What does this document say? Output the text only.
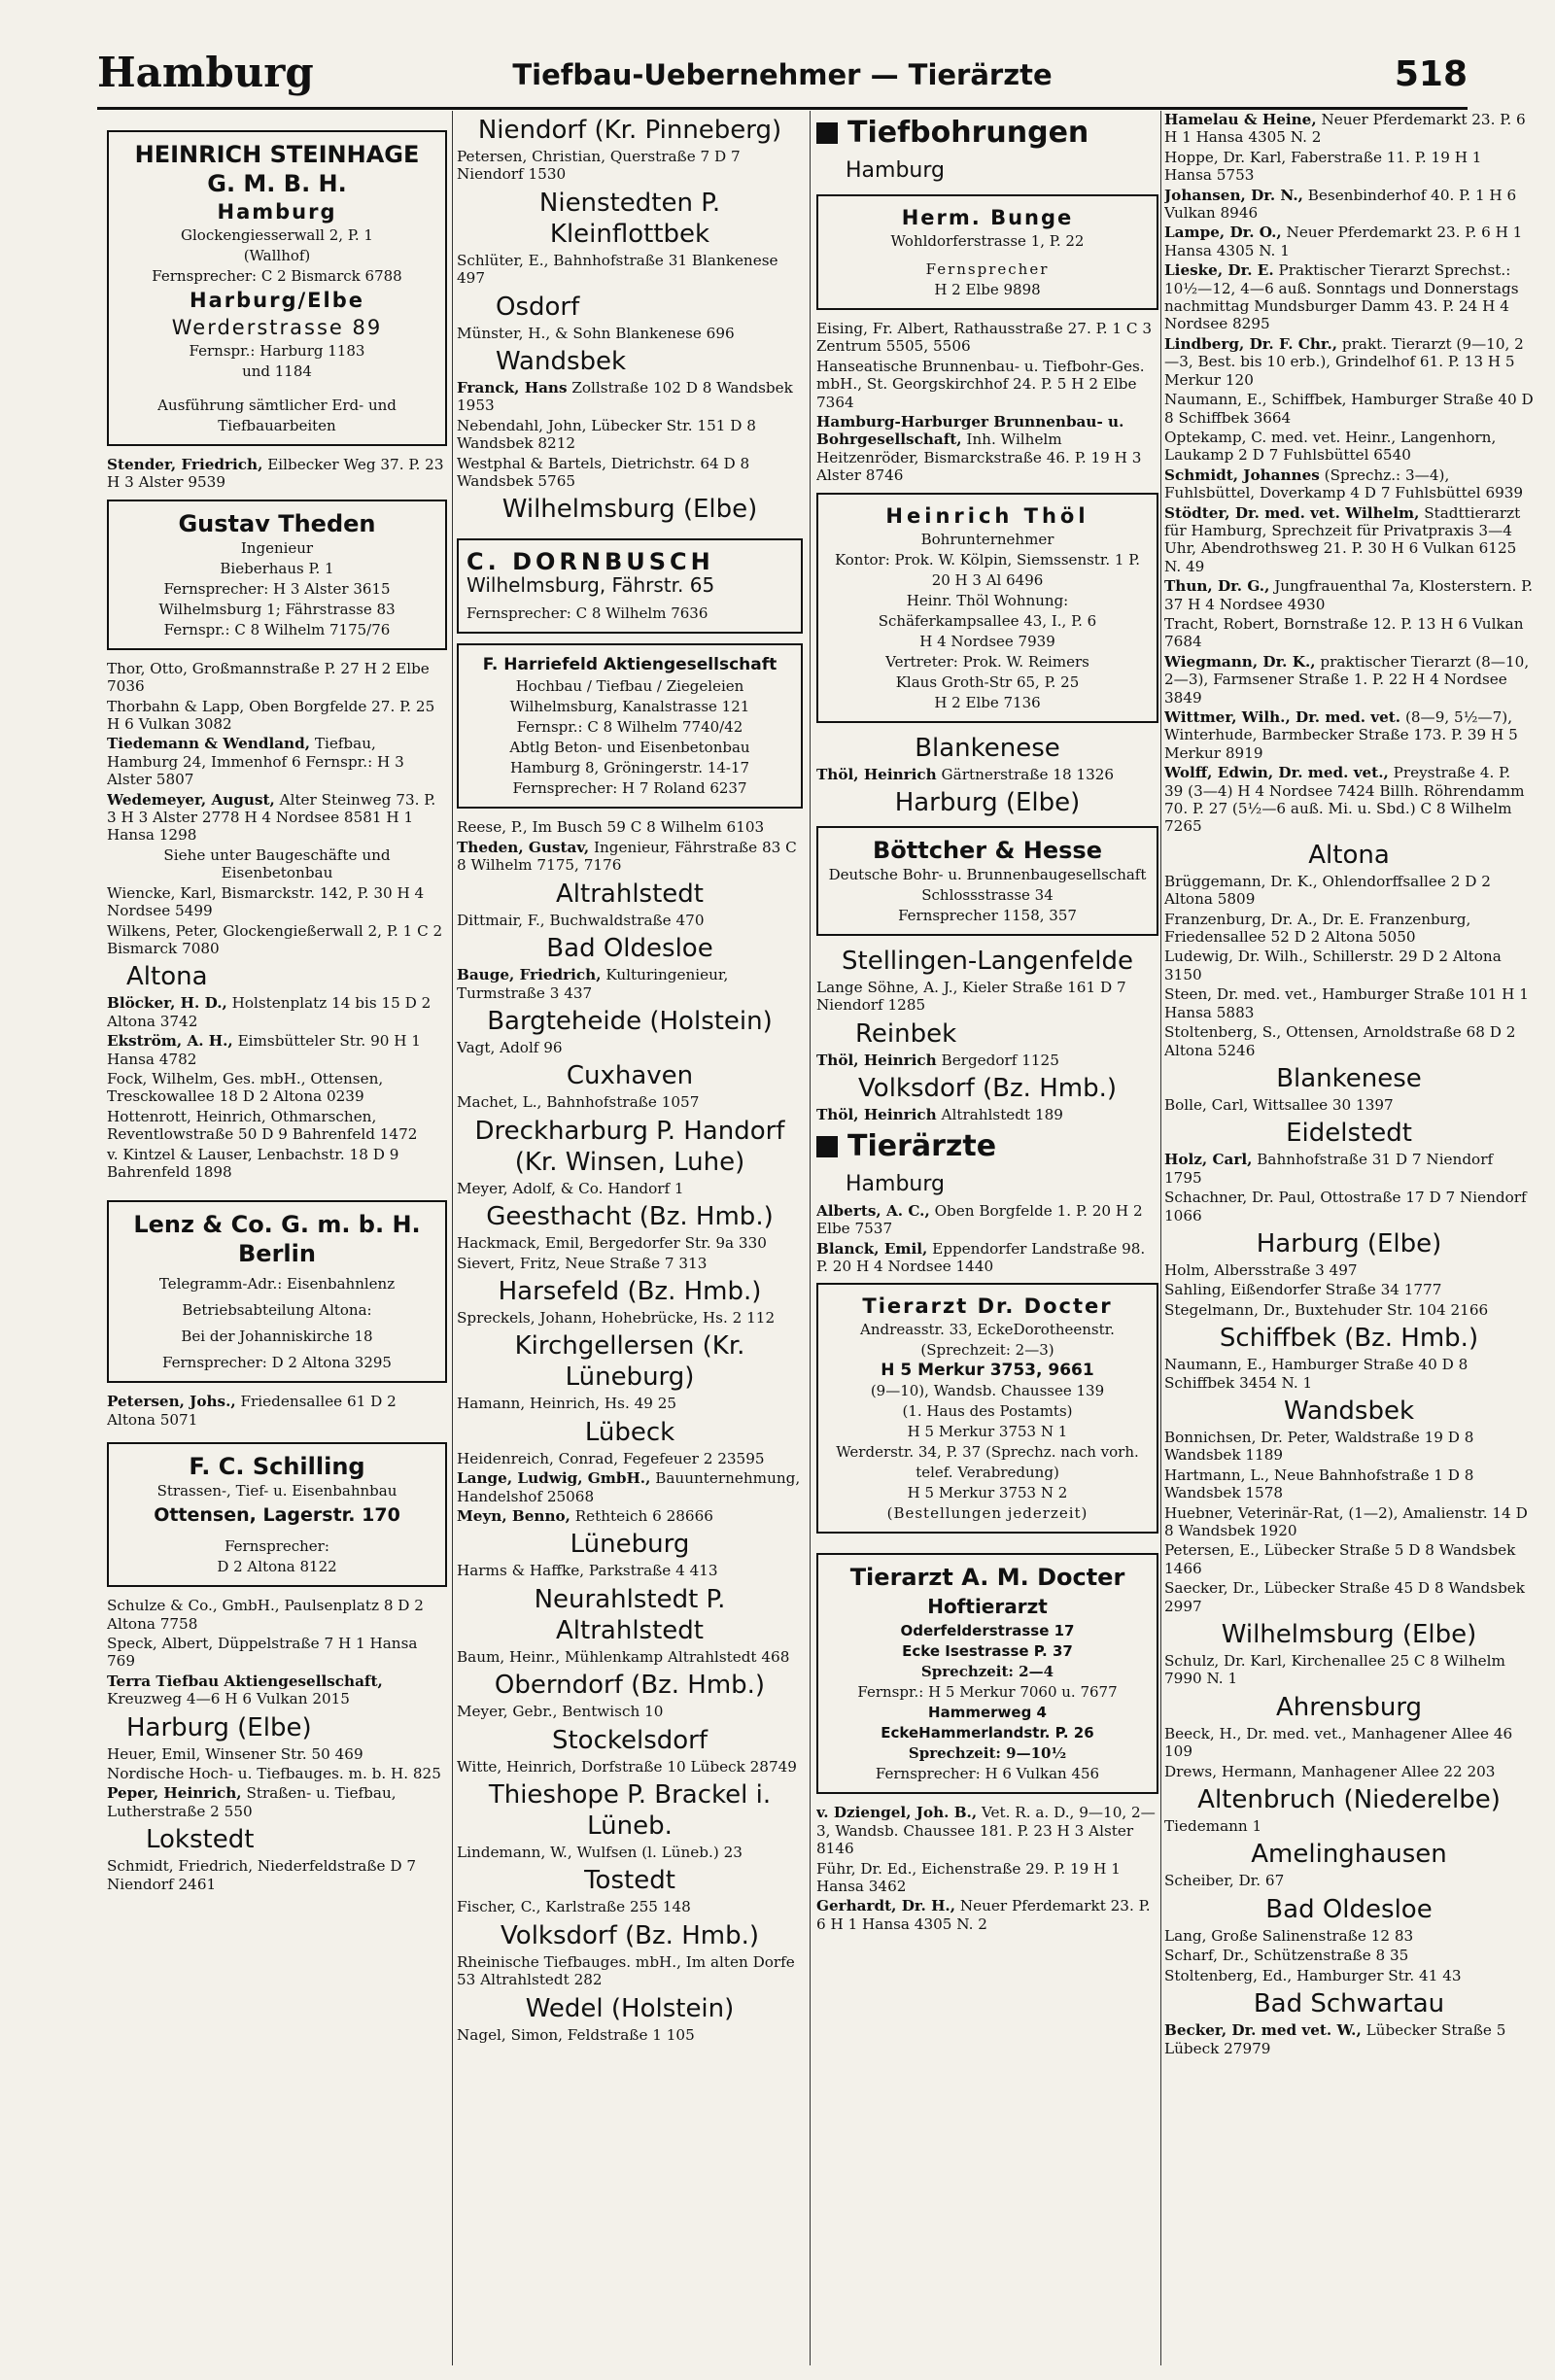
Hamburg	Tiefbau-Uebernehmer — Tierärzte	518
HEINRICH STEINHAGE
G. M. B. H.
Hamburg
Glockengiesserwall 2, P. 1
(Wallhof)
Fernsprecher: C 2 Bismarck 6788
Harburg/Elbe
Werderstrasse 89
Fernspr.: Harburg 1183
und 1184
Ausführung sämtlicher Erd- und Tiefbauarbeiten
Stender, Friedrich, Eilbecker Weg 37. P. 23 H 3 Alster 9539
Gustav Theden
Ingenieur
Bieberhaus P. 1
Fernsprecher: H 3 Alster 3615
Wilhelmsburg 1; Fährstrasse 83
Fernspr.: C 8 Wilhelm 7175/76
Thor, Otto, Großmannstraße P. 27 H 2 Elbe 7036
Thorbahn & Lapp, Oben Borgfelde 27. P. 25 H 6 Vulkan 3082
Tiedemann & Wendland, Tiefbau, Hamburg 24, Immenhof 6 Fernspr.: H 3 Alster 5807
Wedemeyer, August, Alter Steinweg 73. P. 3 H 3 Alster 2778 H 4 Nordsee 8581 H 1 Hansa 1298
Siehe unter Baugeschäfte und Eisenbetonbau
Wiencke, Karl, Bismarckstr. 142, P. 30 H 4 Nordsee 5499
Wilkens, Peter, Glockengießerwall 2, P. 1 C 2 Bismarck 7080
Altona
Blöcker, H. D., Holstenplatz 14 bis 15 D 2 Altona 3742
Ekström, A. H., Eimsbütteler Str. 90 H 1 Hansa 4782
Fock, Wilhelm, Ges. mbH., Ottensen, Tresckowallee 18 D 2 Altona 0239
Hottenrott, Heinrich, Othmarschen, Reventlowstraße 50 D 9 Bahrenfeld 1472
v. Kintzel & Lauser, Lenbachstr. 18 D 9 Bahrenfeld 1898
Lenz & Co. G. m. b. H.
Berlin
Telegramm-Adr.: Eisenbahnlenz
Betriebsabteilung Altona:
Bei der Johanniskirche 18
Fernsprecher: D 2 Altona 3295
Petersen, Johs., Friedensallee 61 D 2 Altona 5071
F. C. Schilling
Strassen-, Tief- u. Eisenbahnbau
Ottensen, Lagerstr. 170
Fernsprecher:
D 2 Altona 8122
Schulze & Co., GmbH., Paulsenplatz 8 D 2 Altona 7758
Speck, Albert, Düppelstraße 7 H 1 Hansa 769
Terra Tiefbau Aktiengesellschaft, Kreuzweg 4—6 H 6 Vulkan 2015
Harburg (Elbe)
Heuer, Emil, Winsener Str. 50 469
Nordische Hoch- u. Tiefbauges. m. b. H. 825
Peper, Heinrich, Straßen- u. Tiefbau, Lutherstraße 2 550
Lokstedt
Schmidt, Friedrich, Niederfeldstraße D 7 Niendorf 2461
Niendorf (Kr. Pinneberg)
Petersen, Christian, Querstraße 7 D 7 Niendorf 1530
Nienstedten P. Kleinflottbek
Schlüter, E., Bahnhofstraße 31 Blankenese 497
Osdorf
Münster, H., & Sohn Blankenese 696
Wandsbek
Franck, Hans Zollstraße 102 D 8 Wandsbek 1953
Nebendahl, John, Lübecker Str. 151 D 8 Wandsbek 8212
Westphal & Bartels, Dietrichstr. 64 D 8 Wandsbek 5765
Wilhelmsburg (Elbe)
C. DORNBUSCH
Wilhelmsburg, Fährstr. 65
Fernsprecher: C 8 Wilhelm 7636
F. Harriefeld Aktiengesellschaft
Hochbau / Tiefbau / Ziegeleien
Wilhelmsburg, Kanalstrasse 121
Fernspr.: C 8 Wilhelm 7740/42
Abtlg Beton- und Eisenbetonbau
Hamburg 8, Gröningerstr. 14-17
Fernsprecher: H 7 Roland 6237
Reese, P., Im Busch 59 C 8 Wilhelm 6103
Theden, Gustav, Ingenieur, Fährstraße 83 C 8 Wilhelm 7175, 7176
Altrahlstedt
Dittmair, F., Buchwaldstraße 470
Bad Oldesloe
Bauge, Friedrich, Kulturingenieur, Turmstraße 3 437
Bargteheide (Holstein)
Vagt, Adolf 96
Cuxhaven
Machet, L., Bahnhofstraße 1057
Dreckharburg P. Handorf (Kr. Winsen, Luhe)
Meyer, Adolf, & Co. Handorf 1
Geesthacht (Bz. Hmb.)
Hackmack, Emil, Bergedorfer Str. 9a 330
Sievert, Fritz, Neue Straße 7 313
Harsefeld (Bz. Hmb.)
Spreckels, Johann, Hohebrücke, Hs. 2 112
Kirchgellersen (Kr. Lüneburg)
Hamann, Heinrich, Hs. 49 25
Lübeck
Heidenreich, Conrad, Fegefeuer 2 23595
Lange, Ludwig, GmbH., Bauunternehmung, Handelshof 25068
Meyn, Benno, Rethteich 6 28666
Lüneburg
Harms & Haffke, Parkstraße 4 413
Neurahlstedt P. Altrahlstedt
Baum, Heinr., Mühlenkamp Altrahlstedt 468
Oberndorf (Bz. Hmb.)
Meyer, Gebr., Bentwisch 10
Stockelsdorf
Witte, Heinrich, Dorfstraße 10 Lübeck 28749
Thieshope P. Brackel i. Lüneb.
Lindemann, W., Wulfsen (l. Lüneb.) 23
Tostedt
Fischer, C., Karlstraße 255 148
Volksdorf (Bz. Hmb.)
Rheinische Tiefbauges. mbH., Im alten Dorfe 53 Altrahlstedt 282
Wedel (Holstein)
Nagel, Simon, Feldstraße 1 105
Tiefbohrungen
Hamburg
Herm. Bunge
Wohldorferstrasse 1, P. 22
Fernsprecher
H 2 Elbe 9898
Eising, Fr. Albert, Rathausstraße 27. P. 1 C 3 Zentrum 5505, 5506
Hanseatische Brunnenbau- u. Tiefbohr-Ges. mbH., St. Georgskirchhof 24. P. 5 H 2 Elbe 7364
Hamburg-Harburger Brunnenbau- u. Bohrgesellschaft, Inh. Wilhelm Heitzenröder, Bismarckstraße 46. P. 19 H 3 Alster 8746
Heinrich Thöl
Bohrunternehmer
Kontor: Prok. W. Kölpin, Siemssenstr. 1 P. 20 H 3 Al 6496
Heinr. Thöl Wohnung:
Schäferkampsallee 43, I., P. 6
H 4 Nordsee 7939
Vertreter: Prok. W. Reimers
Klaus Groth-Str 65, P. 25
H 2 Elbe 7136
Blankenese
Thöl, Heinrich Gärtnerstraße 18 1326
Harburg (Elbe)
Böttcher & Hesse
Deutsche Bohr- u. Brunnenbaugesellschaft
Schlossstrasse 34
Fernsprecher 1158, 357
Stellingen-Langenfelde
Lange Söhne, A. J., Kieler Straße 161 D 7 Niendorf 1285
Reinbek
Thöl, Heinrich Bergedorf 1125
Volksdorf (Bz. Hmb.)
Thöl, Heinrich Altrahlstedt 189
Tierärzte
Hamburg
Alberts, A. C., Oben Borgfelde 1. P. 20 H 2 Elbe 7537
Blanck, Emil, Eppendorfer Landstraße 98. P. 20 H 4 Nordsee 1440
Tierarzt Dr. Docter
Andreasstr. 33, EckeDorotheenstr.
(Sprechzeit: 2—3)
H 5 Merkur 3753, 9661
(9—10), Wandsb. Chaussee 139
(1. Haus des Postamts)
H 5 Merkur 3753 N 1
Werderstr. 34, P. 37 (Sprechz. nach vorh. telef. Verabredung)
H 5 Merkur 3753 N 2
(Bestellungen jederzeit)
Tierarzt A. M. Docter
Hoftierarzt
Oderfelderstrasse 17
Ecke Isestrasse P. 37
Sprechzeit: 2—4
Fernspr.: H 5 Merkur 7060 u. 7677
Hammerweg 4
EckeHammerlandstr. P. 26
Sprechzeit: 9—10½
Fernsprecher: H 6 Vulkan 456
v. Dziengel, Joh. B., Vet. R. a. D., 9—10, 2—3, Wandsb. Chaussee 181. P. 23 H 3 Alster 8146
Führ, Dr. Ed., Eichenstraße 29. P. 19 H 1 Hansa 3462
Gerhardt, Dr. H., Neuer Pferdemarkt 23. P. 6 H 1 Hansa 4305 N. 2
Hamelau & Heine, Neuer Pferdemarkt 23. P. 6 H 1 Hansa 4305 N. 2
Hoppe, Dr. Karl, Faberstraße 11. P. 19 H 1 Hansa 5753
Johansen, Dr. N., Besenbinderhof 40. P. 1 H 6 Vulkan 8946
Lampe, Dr. O., Neuer Pferdemarkt 23. P. 6 H 1 Hansa 4305 N. 1
Lieske, Dr. E. Praktischer Tierarzt Sprechst.: 10½—12, 4—6 auß. Sonntags und Donnerstags nachmittag Mundsburger Damm 43. P. 24 H 4 Nordsee 8295
Lindberg, Dr. F. Chr., prakt. Tierarzt (9—10, 2—3, Best. bis 10 erb.), Grindelhof 61. P. 13 H 5 Merkur 120
Naumann, E., Schiffbek, Hamburger Straße 40 D 8 Schiffbek 3664
Optekamp, C. med. vet. Heinr., Langenhorn, Laukamp 2 D 7 Fuhlsbüttel 6540
Schmidt, Johannes (Sprechz.: 3—4), Fuhlsbüttel, Doverkamp 4 D 7 Fuhlsbüttel 6939
Stödter, Dr. med. vet. Wilhelm, Stadttierarzt für Hamburg, Sprechzeit für Privatpraxis 3—4 Uhr, Abendrothsweg 21. P. 30 H 6 Vulkan 6125 N. 49
Thun, Dr. G., Jungfrauenthal 7a, Klosterstern. P. 37 H 4 Nordsee 4930
Tracht, Robert, Bornstraße 12. P. 13 H 6 Vulkan 7684
Wiegmann, Dr. K., praktischer Tierarzt (8—10, 2—3), Farmsener Straße 1. P. 22 H 4 Nordsee 3849
Wittmer, Wilh., Dr. med. vet. (8—9, 5½—7), Winterhude, Barmbecker Straße 173. P. 39 H 5 Merkur 8919
Wolff, Edwin, Dr. med. vet., Preystraße 4. P. 39 (3—4) H 4 Nordsee 7424 Billh. Röhrendamm 70. P. 27 (5½—6 auß. Mi. u. Sbd.) C 8 Wilhelm 7265
Altona
Brüggemann, Dr. K., Ohlendorffsallee 2 D 2 Altona 5809
Franzenburg, Dr. A., Dr. E. Franzenburg, Friedensallee 52 D 2 Altona 5050
Ludewig, Dr. Wilh., Schillerstr. 29 D 2 Altona 3150
Steen, Dr. med. vet., Hamburger Straße 101 H 1 Hansa 5883
Stoltenberg, S., Ottensen, Arnoldstraße 68 D 2 Altona 5246
Blankenese
Bolle, Carl, Wittsallee 30 1397
Eidelstedt
Holz, Carl, Bahnhofstraße 31 D 7 Niendorf 1795
Schachner, Dr. Paul, Ottostraße 17 D 7 Niendorf 1066
Harburg (Elbe)
Holm, Albersstraße 3 497
Sahling, Eißendorfer Straße 34 1777
Stegelmann, Dr., Buxtehuder Str. 104 2166
Schiffbek (Bz. Hmb.)
Naumann, E., Hamburger Straße 40 D 8 Schiffbek 3454 N. 1
Wandsbek
Bonnichsen, Dr. Peter, Waldstraße 19 D 8 Wandsbek 1189
Hartmann, L., Neue Bahnhofstraße 1 D 8 Wandsbek 1578
Huebner, Veterinär-Rat, (1—2), Amalienstr. 14 D 8 Wandsbek 1920
Petersen, E., Lübecker Straße 5 D 8 Wandsbek 1466
Saecker, Dr., Lübecker Straße 45 D 8 Wandsbek 2997
Wilhelmsburg (Elbe)
Schulz, Dr. Karl, Kirchenallee 25 C 8 Wilhelm 7990 N. 1
Ahrensburg
Beeck, H., Dr. med. vet., Manhagener Allee 46 109
Drews, Hermann, Manhagener Allee 22 203
Altenbruch (Niederelbe)
Tiedemann 1
Amelinghausen
Scheiber, Dr. 67
Bad Oldesloe
Lang, Große Salinenstraße 12 83
Scharf, Dr., Schützenstraße 8 35
Stoltenberg, Ed., Hamburger Str. 41 43
Bad Schwartau
Becker, Dr. med vet. W., Lübecker Straße 5 Lübeck 27979
